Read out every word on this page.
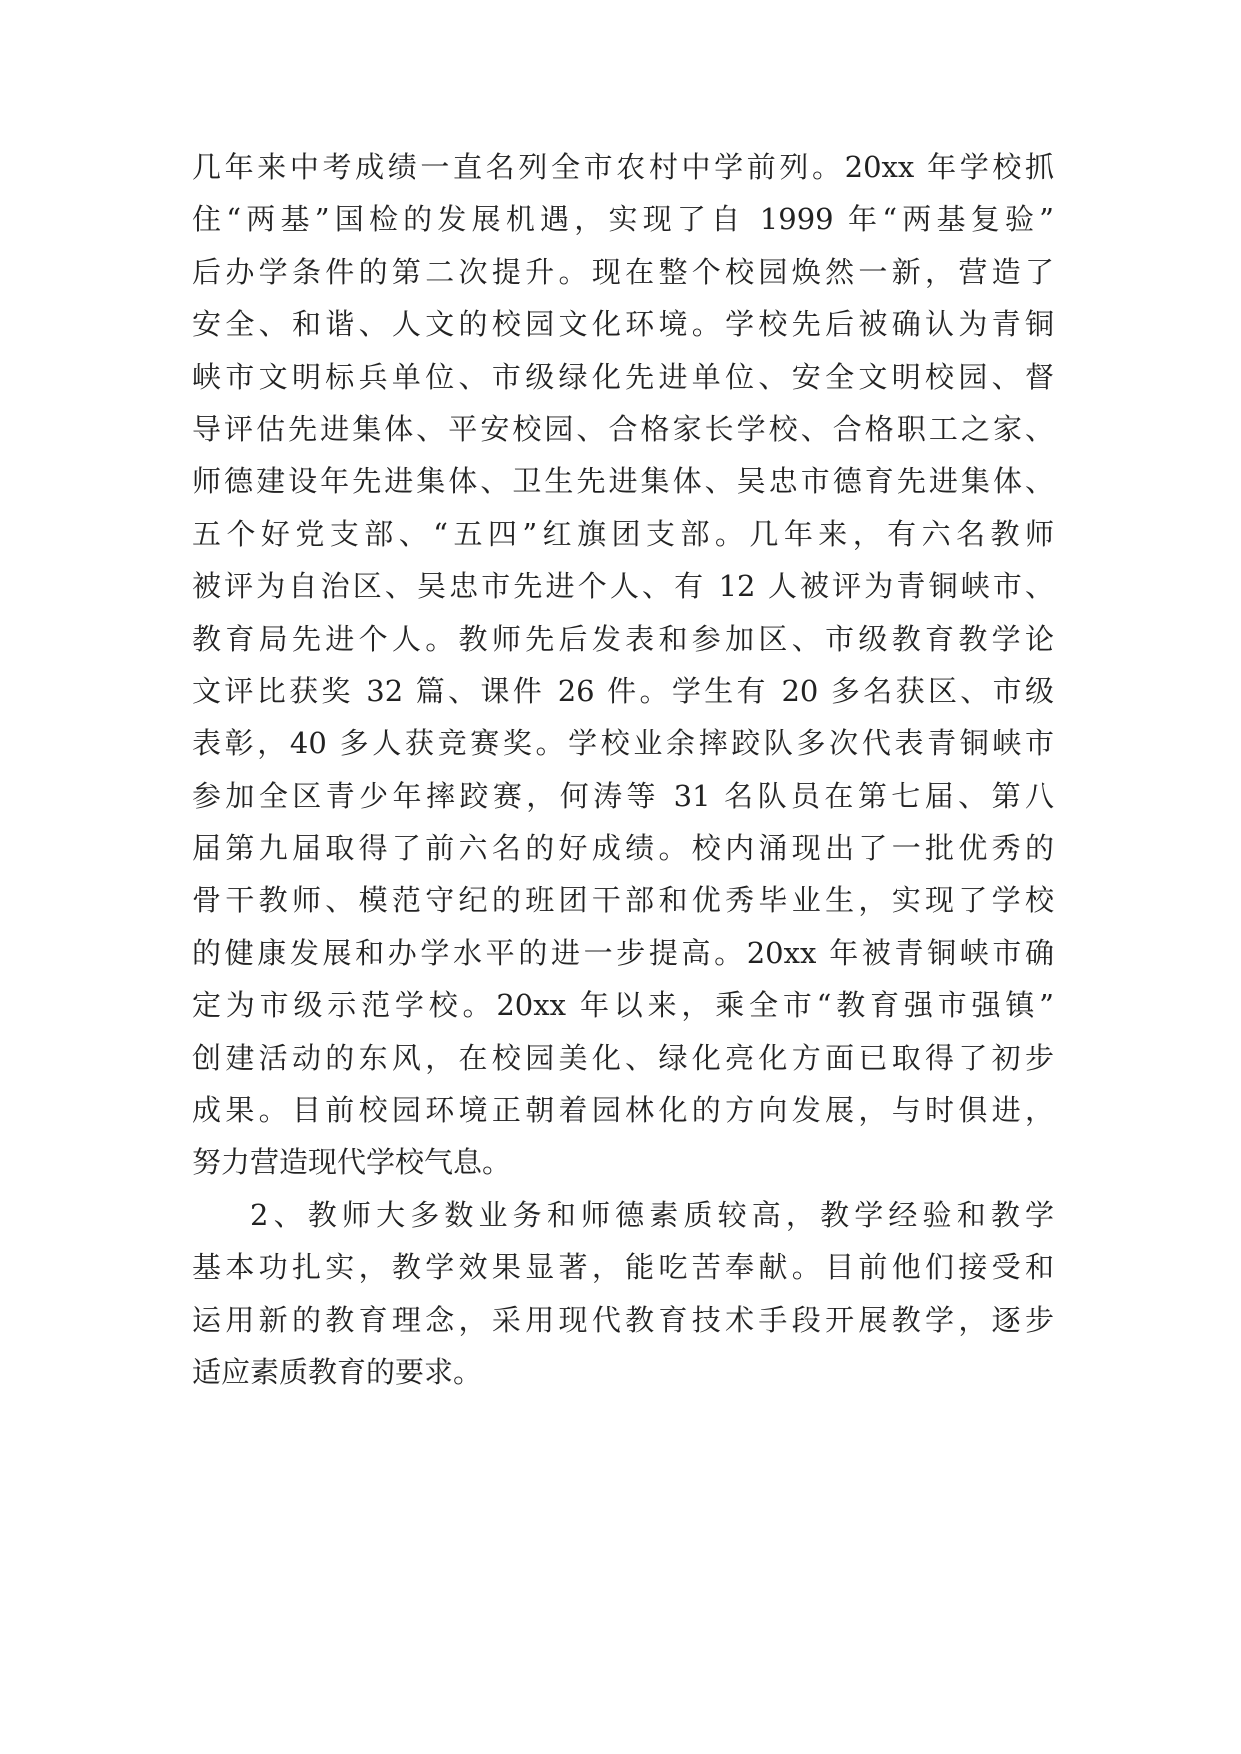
几年来中考成绩一直名列全市农村中学前列。20xx 年学校抓
住“两基”国检的发展机遇，实现了自 1999 年“两基复验”
后办学条件的第二次提升。现在整个校园焕然一新，营造了
安全、和谐、人文的校园文化环境。学校先后被确认为青铜
峡市文明标兵单位、市级绿化先进单位、安全文明校园、督
导评估先进集体、平安校园、合格家长学校、合格职工之家、
师德建设年先进集体、卫生先进集体、吴忠市德育先进集体、
五个好党支部、“五四”红旗团支部。几年来，有六名教师
被评为自治区、吴忠市先进个人、有 12 人被评为青铜峡市、
教育局先进个人。教师先后发表和参加区、市级教育教学论
文评比获奖 32 篇、课件 26 件。学生有 20 多名获区、市级
表彰，40 多人获竞赛奖。学校业余摔跤队多次代表青铜峡市
参加全区青少年摔跤赛，何涛等 31 名队员在第七届、第八
届第九届取得了前六名的好成绩。校内涌现出了一批优秀的
骨干教师、模范守纪的班团干部和优秀毕业生，实现了学校
的健康发展和办学水平的进一步提高。20xx 年被青铜峡市确
定为市级示范学校。20xx 年以来，乘全市“教育强市强镇”
创建活动的东风，在校园美化、绿化亮化方面已取得了初步
成果。目前校园环境正朝着园林化的方向发展，与时俱进，
努力营造现代学校气息。
2、教师大多数业务和师德素质较高，教学经验和教学
基本功扎实，教学效果显著，能吃苦奉献。目前他们接受和
运用新的教育理念，采用现代教育技术手段开展教学，逐步
适应素质教育的要求。
